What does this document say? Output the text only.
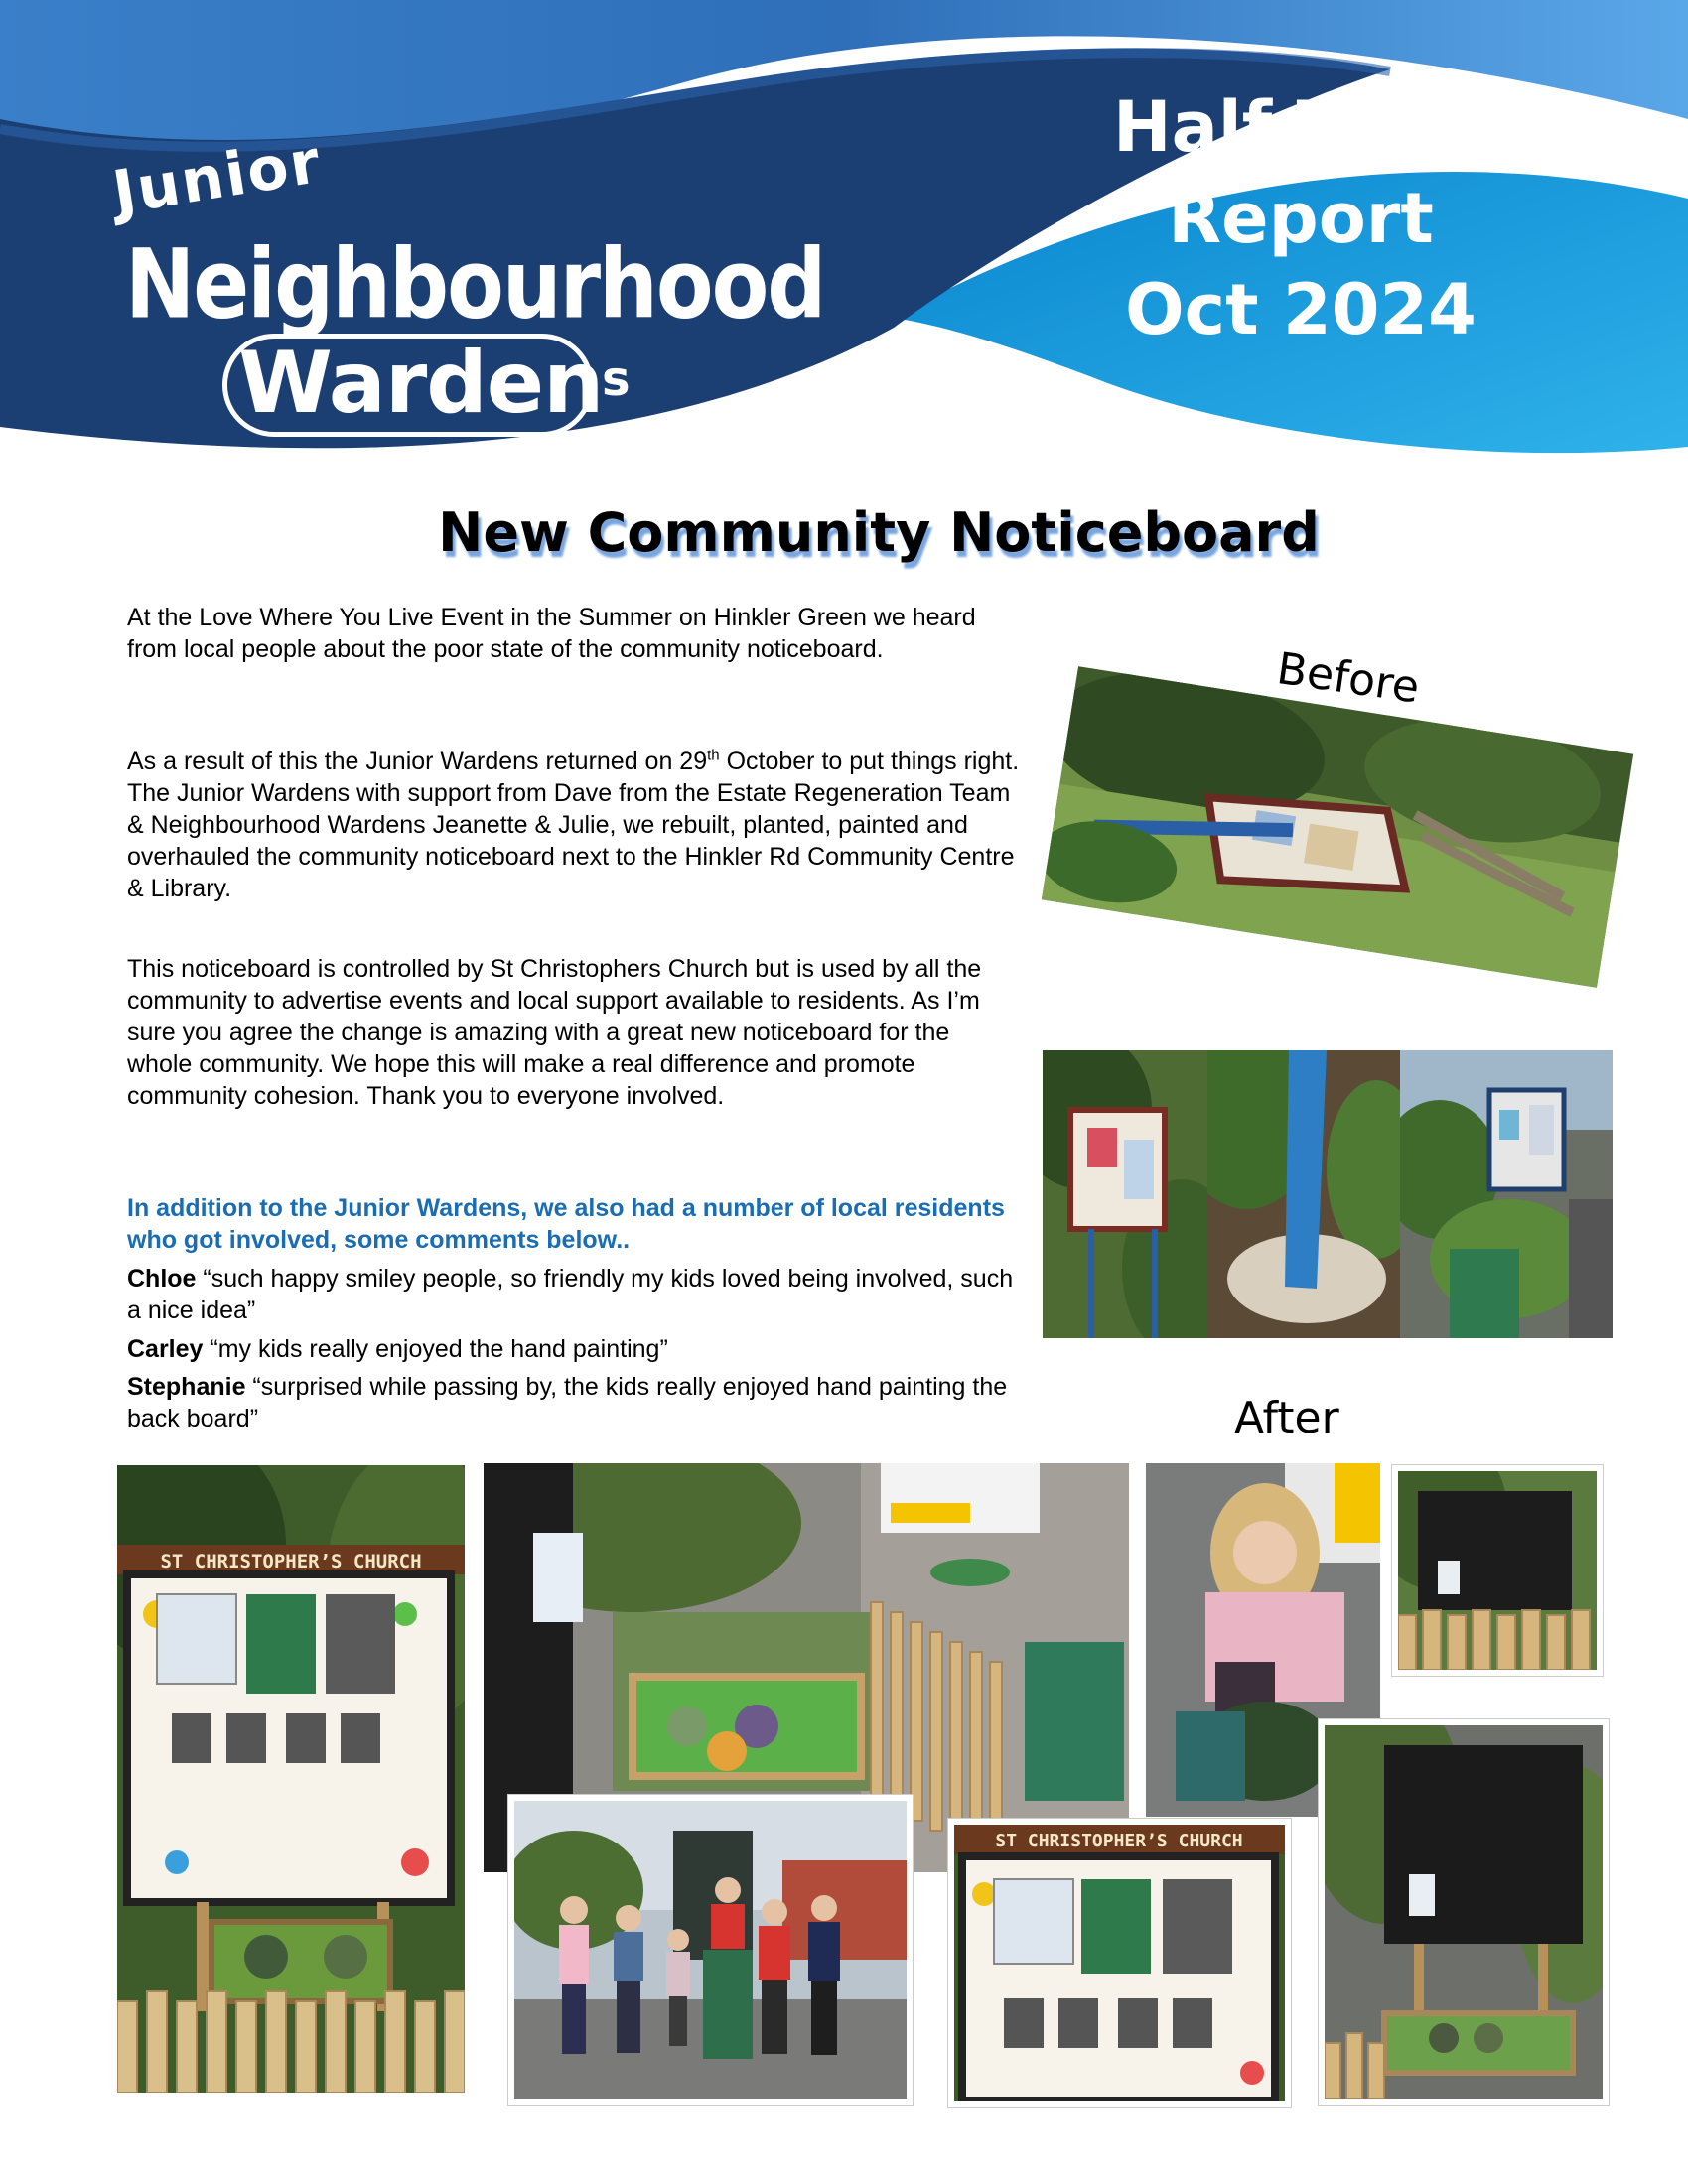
Junior
Neighbourhood
Warden
s
Half Term
Report
Oct 2024
New Community Noticeboard
At the Love Where You Live Event in the Summer on Hinkler Green we heard from local people about the poor state of the community noticeboard.
As a result of this the Junior Wardens returned on 29th October to put things right. The Junior Wardens with support from Dave from the Estate Regeneration Team & Neighbourhood Wardens Jeanette & Julie, we rebuilt, planted, painted and overhauled the community noticeboard next to the Hinkler Rd Community Centre & Library.
This noticeboard is controlled by St Christophers Church but is used by all the community to advertise events and local support available to residents. As I’m sure you agree the change is amazing with a great new noticeboard for the whole community. We hope this will make a real difference and promote community cohesion. Thank you to everyone involved.
In addition to the Junior Wardens, we also had a number of local residents who got involved, some comments below..
Chloe “such happy smiley people, so friendly my kids loved being involved, such a nice idea”
Carley “my kids really enjoyed the hand painting”
Stephanie “surprised while passing by, the kids really enjoyed hand painting the back board”
Before
After
ST CHRISTOPHER’S CHURCH
ST CHRISTOPHER’S CHURCH
